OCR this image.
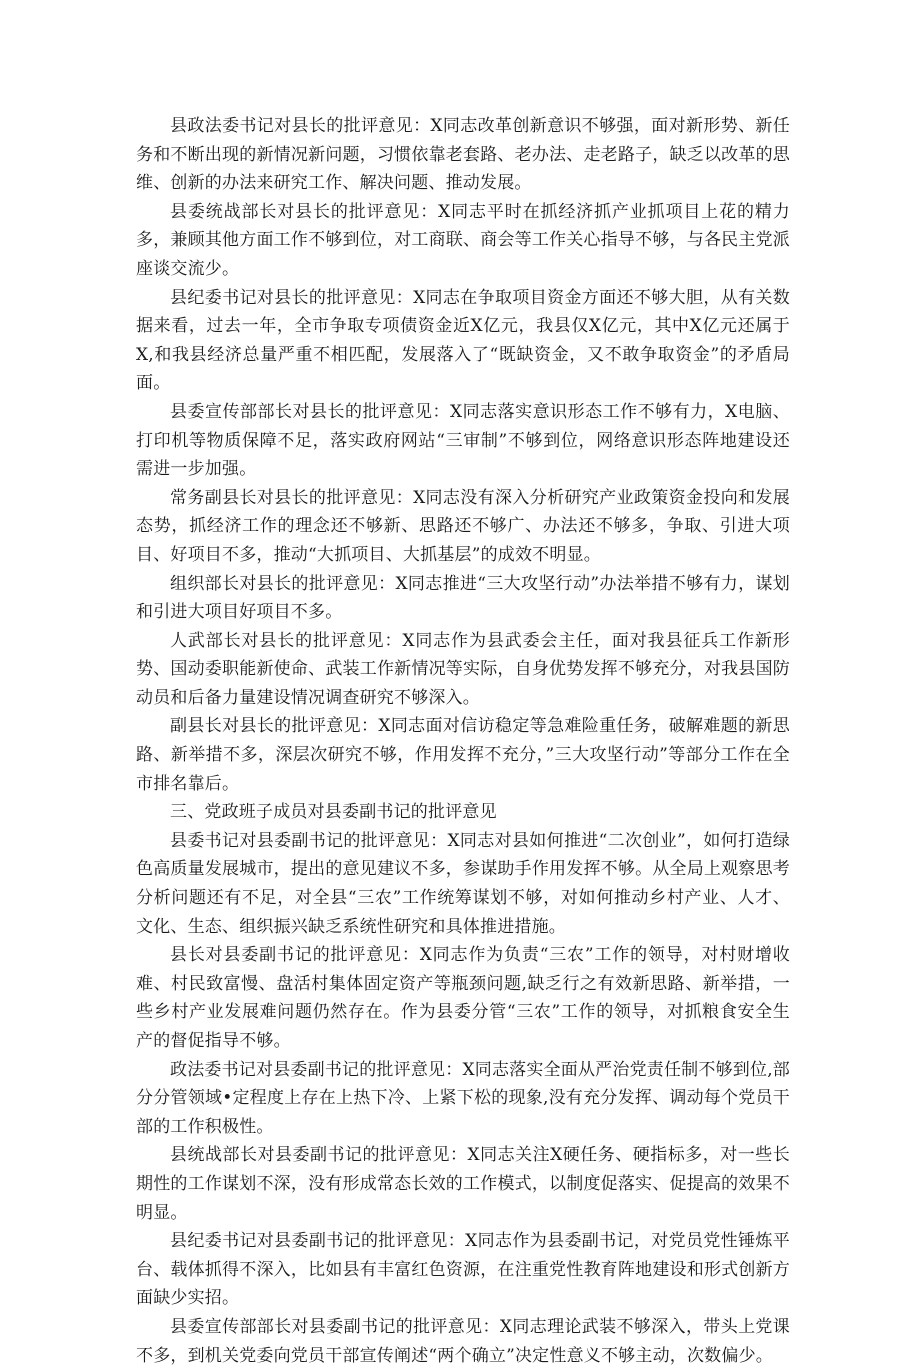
县政法委书记对县长的批评意见：X同志改革创新意识不够强，面对新形势、新任务和不断出现的新情况新问题，习惯依靠老套路、老办法、走老路子，缺乏以改革的思维、创新的办法来研究工作、解决问题、推动发展。

县委统战部长对县长的批评意见：X同志平时在抓经济抓产业抓项目上花的精力多，兼顾其他方面工作不够到位，对工商联、商会等工作关心指导不够，与各民主党派座谈交流少。

县纪委书记对县长的批评意见：X同志在争取项目资金方面还不够大胆，从有关数据来看，过去一年，全市争取专项债资金近X亿元，我县仅X亿元，其中X亿元还属于X,和我县经济总量严重不相匹配，发展落入了“既缺资金，又不敢争取资金”的矛盾局面。

县委宣传部部长对县长的批评意见：X同志落实意识形态工作不够有力，X电脑、打印机等物质保障不足，落实政府网站“三审制”不够到位，网络意识形态阵地建设还需进一步加强。

常务副县长对县长的批评意见：X同志没有深入分析研究产业政策资金投向和发展态势，抓经济工作的理念还不够新、思路还不够广、办法还不够多，争取、引进大项目、好项目不多，推动“大抓项目、大抓基层”的成效不明显。

组织部长对县长的批评意见：X同志推进“三大攻坚行动”办法举措不够有力，谋划和引进大项目好项目不多。

人武部长对县长的批评意见：X同志作为县武委会主任，面对我县征兵工作新形势、国动委职能新使命、武装工作新情况等实际，自身优势发挥不够充分，对我县国防动员和后备力量建设情况调查研究不够深入。

副县长对县长的批评意见：X同志面对信访稳定等急难险重任务，破解难题的新思路、新举措不多，深层次研究不够，作用发挥不充分，”三大攻坚行动”等部分工作在全市排名靠后。

三、党政班子成员对县委副书记的批评意见

县委书记对县委副书记的批评意见：X同志对县如何推进“二次创业”，如何打造绿色高质量发展城市，提出的意见建议不多，参谋助手作用发挥不够。从全局上观察思考分析问题还有不足，对全县“三农”工作统筹谋划不够，对如何推动乡村产业、人才、文化、生态、组织振兴缺乏系统性研究和具体推进措施。

县长对县委副书记的批评意见：X同志作为负责“三农”工作的领导，对村财增收难、村民致富慢、盘活村集体固定资产等瓶颈问题,缺乏行之有效新思路、新举措，一些乡村产业发展难问题仍然存在。作为县委分管“三农”工作的领导，对抓粮食安全生产的督促指导不够。

政法委书记对县委副书记的批评意见：X同志落实全面从严治党责任制不够到位,部分分管领域•定程度上存在上热下冷、上紧下松的现象,没有充分发挥、调动每个党员干部的工作积极性。

县统战部长对县委副书记的批评意见：X同志关注X硬任务、硬指标多，对一些长期性的工作谋划不深，没有形成常态长效的工作模式，以制度促落实、促提高的效果不明显。

县纪委书记对县委副书记的批评意见：X同志作为县委副书记，对党员党性锤炼平台、载体抓得不深入，比如县有丰富红色资源，在注重党性教育阵地建设和形式创新方面缺少实招。

县委宣传部部长对县委副书记的批评意见：X同志理论武装不够深入，带头上党课不多，到机关党委向党员干部宣传阐述“两个确立”决定性意义不够主动，次数偏少。
